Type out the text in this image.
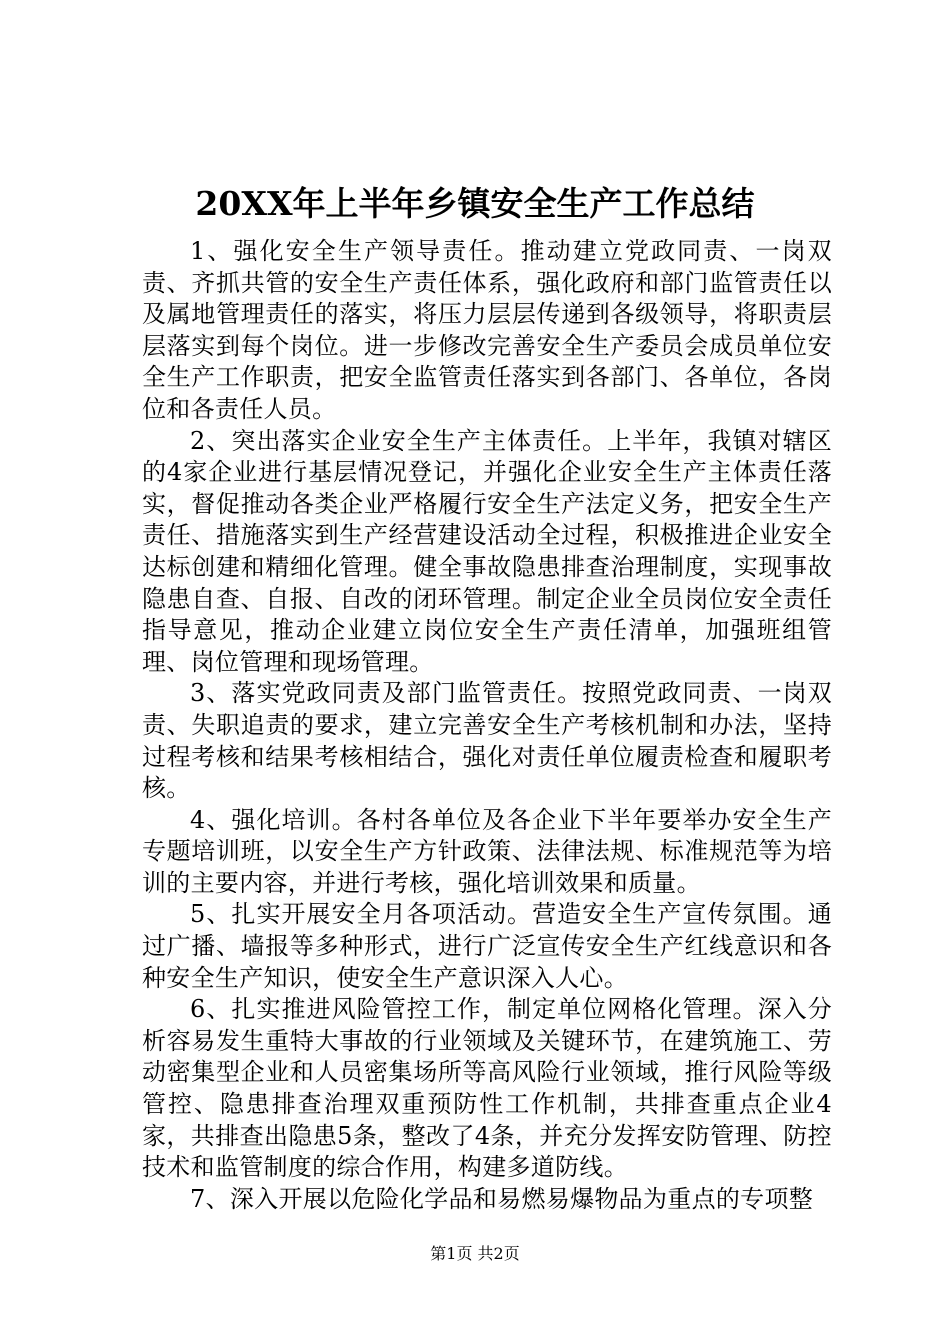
20XX年上半年乡镇安全生产工作总结

1、强化安全生产领导责任。推动建立党政同责、一岗双责、齐抓共管的安全生产责任体系，强化政府和部门监管责任以及属地管理责任的落实，将压力层层传递到各级领导，将职责层层落实到每个岗位。进一步修改完善安全生产委员会成员单位安全生产工作职责，把安全监管责任落实到各部门、各单位，各岗位和各责任人员。

2、突出落实企业安全生产主体责任。上半年，我镇对辖区的4家企业进行基层情况登记，并强化企业安全生产主体责任落实，督促推动各类企业严格履行安全生产法定义务，把安全生产责任、措施落实到生产经营建设活动全过程，积极推进企业安全达标创建和精细化管理。健全事故隐患排查治理制度，实现事故隐患自查、自报、自改的闭环管理。制定企业全员岗位安全责任指导意见，推动企业建立岗位安全生产责任清单，加强班组管理、岗位管理和现场管理。

3、落实党政同责及部门监管责任。按照党政同责、一岗双责、失职追责的要求，建立完善安全生产考核机制和办法，坚持过程考核和结果考核相结合，强化对责任单位履责检查和履职考核。

4、强化培训。各村各单位及各企业下半年要举办安全生产专题培训班，以安全生产方针政策、法律法规、标准规范等为培训的主要内容，并进行考核，强化培训效果和质量。

5、扎实开展安全月各项活动。营造安全生产宣传氛围。通过广播、墙报等多种形式，进行广泛宣传安全生产红线意识和各种安全生产知识，使安全生产意识深入人心。

6、扎实推进风险管控工作，制定单位网格化管理。深入分析容易发生重特大事故的行业领域及关键环节，在建筑施工、劳动密集型企业和人员密集场所等高风险行业领域，推行风险等级管控、隐患排查治理双重预防性工作机制，共排查重点企业4家，共排查出隐患5条，整改了4条，并充分发挥安防管理、防控技术和监管制度的综合作用，构建多道防线。

7、深入开展以危险化学品和易燃易爆物品为重点的专项整

第1页 共2页
